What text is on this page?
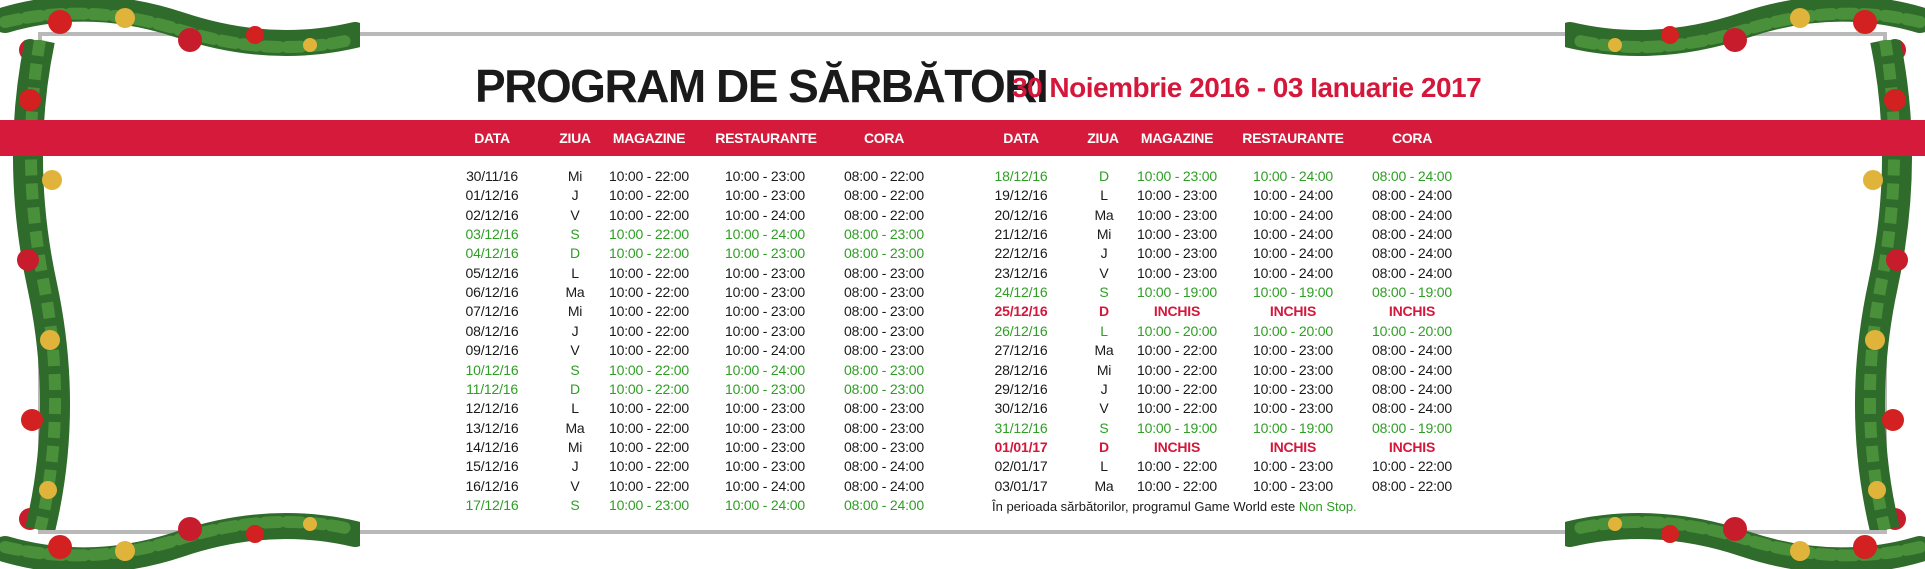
PROGRAM DE SĂRBĂTORI
30 Noiembrie 2016 - 03 Ianuarie 2017
DATA	ZIUA MAGAZINE RESTAURANTE	CORA	DATA	ZIUA MAGAZINE RESTAURANTE	CORA
30/11/16	Mi 10:00 - 22:00	10:00 - 23:00	08:00 - 22:00
01/12/16	J 10:00 - 22:00	10:00 - 23:00	08:00 - 22:00
02/12/16	V 10:00 - 22:00	10:00 - 24:00	08:00 - 22:00
03/12/16	S 10:00 - 22:00	10:00 - 24:00	08:00 - 23:00
04/12/16	D 10:00 - 22:00	10:00 - 23:00	08:00 - 23:00
05/12/16	L 10:00 - 22:00	10:00 - 23:00	08:00 - 23:00
06/12/16	Ma 10:00 - 22:00	10:00 - 23:00	08:00 - 23:00
07/12/16	Mi 10:00 - 22:00	10:00 - 23:00	08:00 - 23:00
08/12/16	J 10:00 - 22:00	10:00 - 23:00	08:00 - 23:00
09/12/16	V 10:00 - 22:00	10:00 - 24:00	08:00 - 23:00
10/12/16	S 10:00 - 22:00	10:00 - 24:00	08:00 - 23:00
11/12/16	D 10:00 - 22:00	10:00 - 23:00	08:00 - 23:00
12/12/16	L 10:00 - 22:00	10:00 - 23:00	08:00 - 23:00
13/12/16	Ma 10:00 - 22:00	10:00 - 23:00	08:00 - 23:00
14/12/16	Mi 10:00 - 22:00	10:00 - 23:00	08:00 - 23:00
15/12/16	J 10:00 - 22:00	10:00 - 23:00	08:00 - 24:00
16/12/16	V 10:00 - 22:00	10:00 - 24:00	08:00 - 24:00
17/12/16	S 10:00 - 23:00	10:00 - 24:00	08:00 - 24:00
18/12/16	D 10:00 - 23:00	10:00 - 24:00	08:00 - 24:00
19/12/16	L 10:00 - 23:00	10:00 - 24:00	08:00 - 24:00
20/12/16	Ma 10:00 - 23:00	10:00 - 24:00	08:00 - 24:00
21/12/16	Mi 10:00 - 23:00	10:00 - 24:00	08:00 - 24:00
22/12/16	J 10:00 - 23:00	10:00 - 24:00	08:00 - 24:00
23/12/16	V 10:00 - 23:00	10:00 - 24:00	08:00 - 24:00
24/12/16	S 10:00 - 19:00	10:00 - 19:00	08:00 - 19:00
25/12/16	D	INCHIS	INCHIS	INCHIS
26/12/16	L 10:00 - 20:00	10:00 - 20:00	10:00 - 20:00
27/12/16	Ma 10:00 - 22:00	10:00 - 23:00	08:00 - 24:00
28/12/16	Mi 10:00 - 22:00	10:00 - 23:00	08:00 - 24:00
29/12/16	J 10:00 - 22:00	10:00 - 23:00	08:00 - 24:00
30/12/16	V 10:00 - 22:00	10:00 - 23:00	08:00 - 24:00
31/12/16	S 10:00 - 19:00	10:00 - 19:00	08:00 - 19:00
01/01/17	D	INCHIS	INCHIS	INCHIS
02/01/17	L 10:00 - 22:00	10:00 - 23:00	10:00 - 22:00
03/01/17	Ma 10:00 - 22:00	10:00 - 23:00	08:00 - 22:00
În perioada sărbătorilor, programul Game World este Non Stop.
